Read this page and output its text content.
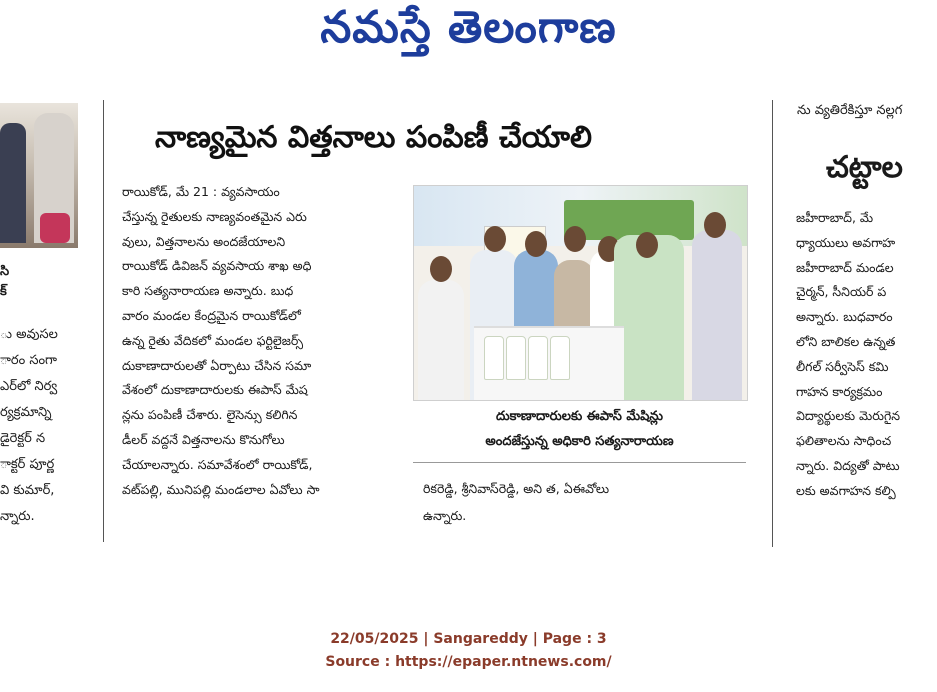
నమస్తే తెలంగాణ
సి
క్
ు అవుసల
ారం సంగా
ఎర్‌లో నిర్వ
ర్యక్రమాన్ని
డైరెక్టర్ న
ాక్టర్ పూర్ణ
వి కుమార్,
న్నారు.
నాణ్యమైన విత్తనాలు పంపిణీ చేయాలి
రాయికోడ్, మే 21 : వ్యవసాయం
చేస్తున్న రైతులకు నాణ్యవంతమైన ఎరు
వులు, విత్తనాలను అందజేయాలని
రాయికోడ్ డివిజన్ వ్యవసాయ శాఖ అధి
కారి సత్యనారాయణ అన్నారు. బుధ
వారం మండల కేంద్రమైన రాయికోడ్‌లో
ఉన్న రైతు వేదికలో మండల ఫర్టిలైజర్స్
దుకాణాదారులతో ఏర్పాటు చేసిన సమా
వేశంలో దుకాణాదారులకు ఈపాస్ మేష
న్లను పంపిణీ చేశారు. లైసెన్సు కలిగిన
డీలర్ వద్దనే విత్తనాలను కొనుగోలు
చేయాలన్నారు. సమావేశంలో రాయికోడ్,
వట్‌పల్లి, మునిపల్లి మండలాల ఏవోలు సా
దుకాణాదారులకు ఈపాస్ మేషిన్లు
అందజేస్తున్న అధికారి సత్యనారాయణ
రికరెడ్డి, శ్రీనివాస్‌రెడ్డి, అని త, ఏఈవోలు
ఉన్నారు.
ను వ్యతిరేకిస్తూ నల్లగ
చట్టాల
జహీరాబాద్, మే
ధ్యాయులు అవగాహ
జహీరాబాద్ మండల
చైర్మన్, సీనియర్ ప
అన్నారు. బుధవారం
లోని బాలికల ఉన్నత
లీగల్ సర్వీసెస్ కమి
గాహన కార్యక్రమం
విద్యార్థులకు మెరుగైన
ఫలితాలను సాధించ
న్నారు. విద్యతో పాటు
లకు అవగాహన కల్పి
22/05/2025 | Sangareddy | Page : 3
Source : https://epaper.ntnews.com/
